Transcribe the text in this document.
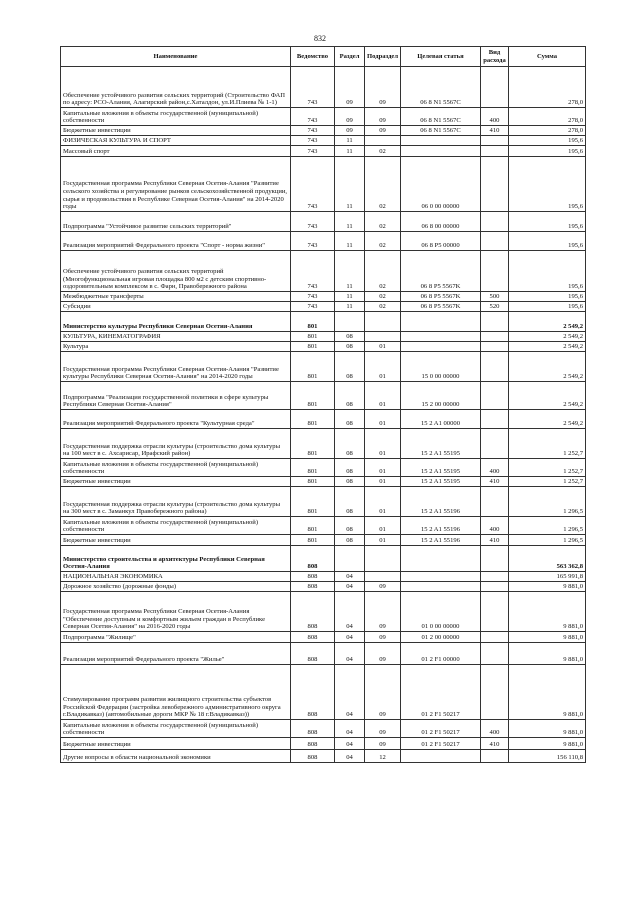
832
Наименование	Ведомство	Раздел	Подраздел	Целевая статья	Вид расхода	Сумма
Обеспечение устойчивого развития сельских территорий (Строительство ФАП по адресу: РСО-Алания, Алагирский район,с.Хаталдон, ул.И.Плиева № 1-1)	743	09	09	06 8 N1 5567C		278,0
Капитальные вложения в объекты государственной (муниципальной) собственности	743	09	09	06 8 N1 5567C	400	278,0
Бюджетные инвестиции	743	09	09	06 8 N1 5567C	410	278,0
ФИЗИЧЕСКАЯ КУЛЬТУРА И СПОРТ	743	11				195,6
Массовый спорт	743	11	02			195,6
Государственная программа Республики Северная Осетия-Алания "Развитие сельского хозяйства и регулирование рынков сельскохозяйственной продукции, сырья и продовольствия в Республике Северная Осетия-Алания" на 2014-2020 годы	743	11	02	06 0 00 00000		195,6
Подпрограмма "Устойчивое развитие сельских территорий"	743	11	02	06 8 00 00000		195,6
Реализация мероприятий Федерального проекта "Спорт - норма жизни"	743	11	02	06 8 P5 00000		195,6
Обеспечение устойчивого развития сельских территорий (Многофункциональная игровая площадка 800 м2 с детским спортивно-оздоровительным комплексом в с. Фарн, Правобережного района	743	11	02	06 8 P5 5567K		195,6
Межбюджетные трансферты	743	11	02	06 8 P5 5567K	500	195,6
Субсидии	743	11	02	06 8 P5 5567K	520	195,6
Министерство культуры Республики Северная Осетия-Алания	801					2 549,2
КУЛЬТУРА, КИНЕМАТОГРАФИЯ	801	08				2 549,2
Культура	801	08	01			2 549,2
Государственная программа Республики Северная Осетия-Алания "Развитие культуры Республики Северная Осетия-Алания" на 2014-2020 годы	801	08	01	15 0 00 00000		2 549,2
Подпрограмма "Реализация государственной политики в сфере культуры Республики Северная Осетия-Алания"	801	08	01	15 2 00 00000		2 549,2
Реализация мероприятий Федерального проекта "Культурная среда"	801	08	01	15 2 A1 00000		2 549,2
Государственная поддержка отрасли культуры (строительство дома культуры на 100 мест в с. Ахсарисар, Ирафский район)	801	08	01	15 2 A1 55195		1 252,7
Капитальные вложения в объекты государственной (муниципальной) собственности	801	08	01	15 2 A1 55195	400	1 252,7
Бюджетные инвестиции	801	08	01	15 2 A1 55195	410	1 252,7
Государственная поддержка отрасли культуры (строительство дома культуры на 300 мест в с. Заманкул Правобережного района)	801	08	01	15 2 A1 55196		1 296,5
Капитальные вложения в объекты государственной (муниципальной) собственности	801	08	01	15 2 A1 55196	400	1 296,5
Бюджетные инвестиции	801	08	01	15 2 A1 55196	410	1 296,5
Министерство строительства и архитектуры Республики Северная Осетия-Алания	808					563 362,8
НАЦИОНАЛЬНАЯ ЭКОНОМИКА	808	04				165 991,8
Дорожное хозяйство (дорожные фонды)	808	04	09			9 881,0
Государственная программа Республики Северная Осетия-Алания "Обеспечение доступным и комфортным жильем граждан в Республике Северная Осетия-Алания" на 2016-2020 годы	808	04	09	01 0 00 00000		9 881,0
Подпрограмма "Жилище"	808	04	09	01 2 00 00000		9 881,0
Реализация мероприятий Федерального проекта "Жилье"	808	04	09	01 2 F1 00000		9 881,0
Стимулирование программ развития жилищного строительства субъектов Российской Федерации (застройка левобережного административного округа г.Владикавказ) (автомобильные дороги МКР № 18 г.Владикавказ))	808	04	09	01 2 F1 50217		9 881,0
Капитальные вложения в объекты государственной (муниципальной) собственности	808	04	09	01 2 F1 50217	400	9 881,0
Бюджетные инвестиции	808	04	09	01 2 F1 50217	410	9 881,0
Другие вопросы в области национальной экономики	808	04	12			156 110,8
